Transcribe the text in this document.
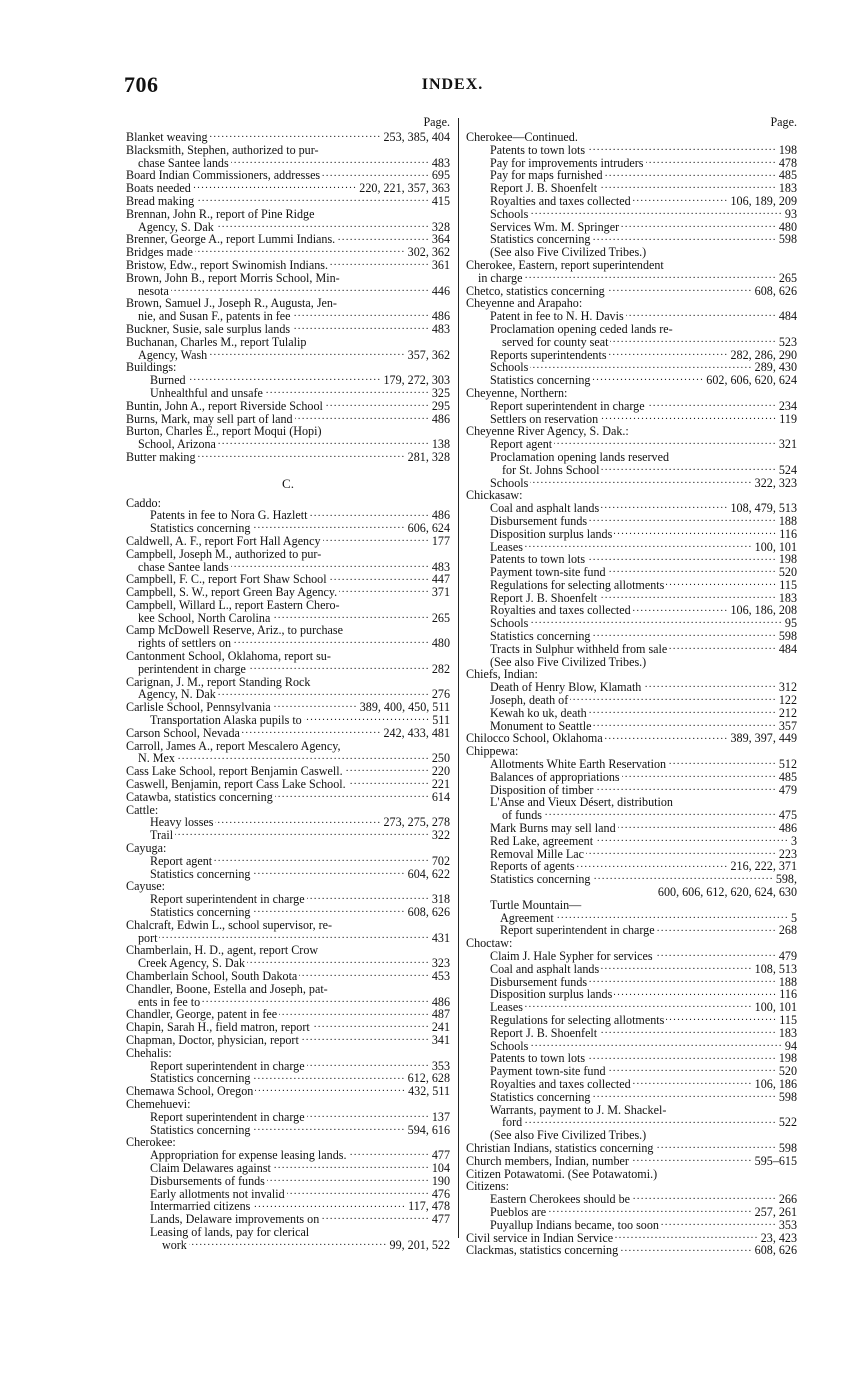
706	INDEX.
Page.
Blanket weaving .....	253, 385, 404
Blacksmith, Stephen, authorized to pur-
chase Santee lands .....	483
Board Indian Commissioners, addresses .....	695
Boats needed .....	220, 221, 357, 363
Bread making .....	415
Brennan, John R., report of Pine Ridge
Agency, S. Dak .....	328
Brenner, George A., report Lummi Indians. .....	364
Bridges made .....	302, 362
Bristow, Edw., report Swinomish Indians. .....	361
Brown, John B., report Morris School, Min-
nesota .....	446
Brown, Samuel J., Joseph R., Augusta, Jen-
nie, and Susan F., patents in fee .....	486
Buckner, Susie, sale surplus lands .....	483
Buchanan, Charles M., report Tulalip
Agency, Wash .....	357, 362
Buildings:
Burned .....	179, 272, 303
Unhealthful and unsafe .....	325
Buntin, John A., report Riverside School .....	295
Burns, Mark, may sell part of land .....	486
Burton, Charles E., report Moqui (Hopi)
School, Arizona .....	138
Butter making .....	281, 328
C.
Caddo:
Patents in fee to Nora G. Hazlett .....	486
Statistics concerning .....	606, 624
Caldwell, A. F., report Fort Hall Agency .....	177
Campbell, Joseph M., authorized to pur-
chase Santee lands .....	483
Campbell, F. C., report Fort Shaw School .....	447
Campbell, S. W., report Green Bay Agency. .....	371
Campbell, Willard L., report Eastern Chero-
kee School, North Carolina .....	265
Camp McDowell Reserve, Ariz., to purchase
rights of settlers on .....	480
Cantonment School, Oklahoma, report su-
perintendent in charge .....	282
Carignan, J. M., report Standing Rock
Agency, N. Dak .....	276
Carlisle School, Pennsylvania .....	389, 400, 450, 511
Transportation Alaska pupils to .....	511
Carson School, Nevada .....	242, 433, 481
Carroll, James A., report Mescalero Agency,
N. Mex .....	250
Cass Lake School, report Benjamin Caswell. .....	220
Caswell, Benjamin, report Cass Lake School. .....	221
Catawba, statistics concerning .....	614
Cattle:
Heavy losses .....	273, 275, 278
Trail .....	322
Cayuga:
Report agent .....	702
Statistics concerning .....	604, 622
Cayuse:
Report superintendent in charge .....	318
Statistics concerning .....	608, 626
Chalcraft, Edwin L., school supervisor, re-
port .....	431
Chamberlain, H. D., agent, report Crow
Creek Agency, S. Dak .....	323
Chamberlain School, South Dakota .....	453
Chandler, Boone, Estella and Joseph, pat-
ents in fee to .....	486
Chandler, George, patent in fee .....	487
Chapin, Sarah H., field matron, report .....	241
Chapman, Doctor, physician, report .....	341
Chehalis:
Report superintendent in charge .....	353
Statistics concerning .....	612, 628
Chemawa School, Oregon .....	432, 511
Chemehuevi:
Report superintendent in charge .....	137
Statistics concerning .....	594, 616
Cherokee:
Appropriation for expense leasing lands. .....	477
Claim Delawares against .....	104
Disbursements of funds .....	190
Early allotments not invalid .....	476
Intermarried citizens .....	117, 478
Lands, Delaware improvements on .....	477
Leasing of lands, pay for clerical
work .....	99, 201, 522
Page.
Cherokee—Continued.
Patents to town lots .....	198
Pay for improvements intruders .....	478
Pay for maps furnished .....	485
Report J. B. Shoenfelt .....	183
Royalties and taxes collected .....	106, 189, 209
Schools .....	93
Services Wm. M. Springer .....	480
Statistics concerning .....	598
(See also Five Civilized Tribes.)
Cherokee, Eastern, report superintendent
in charge .....	265
Chetco, statistics concerning .....	608, 626
Cheyenne and Arapaho:
Patent in fee to N. H. Davis .....	484
Proclamation opening ceded lands re-
served for county seat .....	523
Reports superintendents .....	282, 286, 290
Schools .....	289, 430
Statistics concerning .....	602, 606, 620, 624
Cheyenne, Northern:
Report superintendent in charge .....	234
Settlers on reservation .....	119
Cheyenne River Agency, S. Dak.:
Report agent .....	321
Proclamation opening lands reserved
for St. Johns School .....	524
Schools .....	322, 323
Chickasaw:
Coal and asphalt lands .....	108, 479, 513
Disbursement funds .....	188
Disposition surplus lands .....	116
Leases .....	100, 101
Patents to town lots .....	198
Payment town-site fund .....	520
Regulations for selecting allotments .....	115
Report J. B. Shoenfelt .....	183
Royalties and taxes collected .....	106, 186, 208
Schools .....	95
Statistics concerning .....	598
Tracts in Sulphur withheld from sale .....	484
(See also Five Civilized Tribes.)
Chiefs, Indian:
Death of Henry Blow, Klamath .....	312
Joseph, death of .....	122
Kewah ko uk, death .....	212
Monument to Seattle .....	357
Chilocco School, Oklahoma .....	389, 397, 449
Chippewa:
Allotments White Earth Reservation .....	512
Balances of appropriations .....	485
Disposition of timber .....	479
L'Anse and Vieux Désert, distribution
of funds .....	475
Mark Burns may sell land .....	486
Red Lake, agreement .....	3
Removal Mille Lac .....	223
Reports of agents .....	216, 222, 371
Statistics concerning .....	598,
600, 606, 612, 620, 624, 630
Turtle Mountain—
Agreement .....	5
Report superintendent in charge .....	268
Choctaw:
Claim J. Hale Sypher for services .....	479
Coal and asphalt lands .....	108, 513
Disbursement funds .....	188
Disposition surplus lands .....	116
Leases .....	100, 101
Regulations for selecting allotments .....	115
Report J. B. Shoenfelt .....	183
Schools .....	94
Patents to town lots .....	198
Payment town-site fund .....	520
Royalties and taxes collected .....	106, 186
Statistics concerning .....	598
Warrants, payment to J. M. Shackel-
ford .....	522
(See also Five Civilized Tribes.)
Christian Indians, statistics concerning .....	598
Church members, Indian, number .....	595–615
Citizen Potawatomi. (See Potawatomi.)
Citizens:
Eastern Cherokees should be .....	266
Pueblos are .....	257, 261
Puyallup Indians became, too soon .....	353
Civil service in Indian Service .....	23, 423
Clackmas, statistics concerning .....	608, 626
